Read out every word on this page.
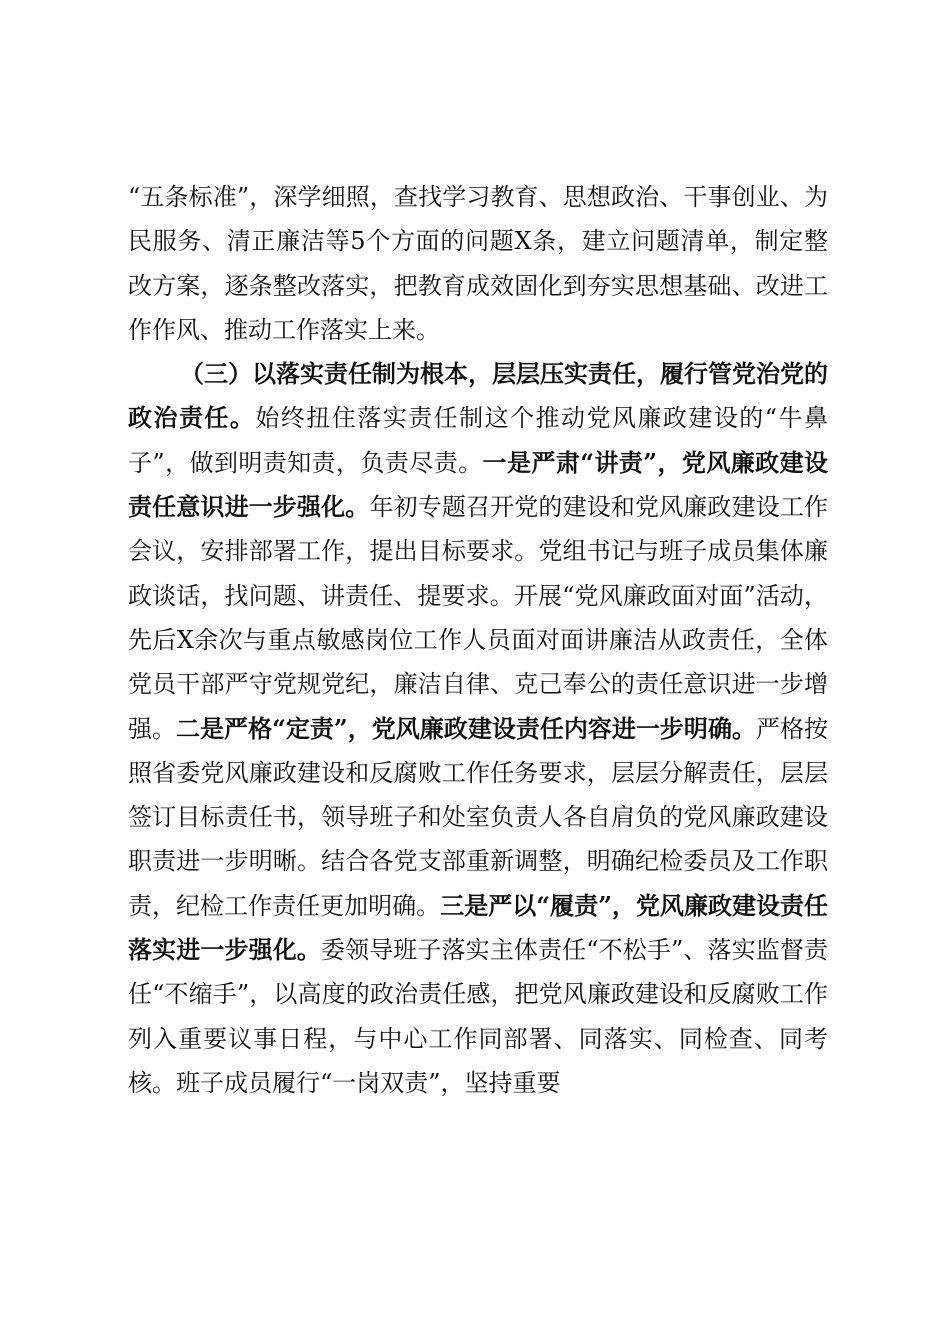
“五条标准”，深学细照，查找学习教育、思想政治、干事创业、为民服务、清正廉洁等5个方面的问题X条，建立问题清单，制定整改方案，逐条整改落实，把教育成效固化到夯实思想基础、改进工作作风、推动工作落实上来。

（三）以落实责任制为根本，层层压实责任，履行管党治党的政治责任。始终扭住落实责任制这个推动党风廉政建设的“牛鼻子”，做到明责知责，负责尽责。一是严肃“讲责”，党风廉政建设责任意识进一步强化。年初专题召开党的建设和党风廉政建设工作会议，安排部署工作，提出目标要求。党组书记与班子成员集体廉政谈话，找问题、讲责任、提要求。开展“党风廉政面对面”活动，先后X余次与重点敏感岗位工作人员面对面讲廉洁从政责任，全体党员干部严守党规党纪，廉洁自律、克己奉公的责任意识进一步增强。二是严格“定责”，党风廉政建设责任内容进一步明确。严格按照省委党风廉政建设和反腐败工作任务要求，层层分解责任，层层签订目标责任书，领导班子和处室负责人各自肩负的党风廉政建设职责进一步明晰。结合各党支部重新调整，明确纪检委员及工作职责，纪检工作责任更加明确。三是严以“履责”，党风廉政建设责任落实进一步强化。委领导班子落实主体责任“不松手”、落实监督责任“不缩手”，以高度的政治责任感，把党风廉政建设和反腐败工作列入重要议事日程，与中心工作同部署、同落实、同检查、同考核。班子成员履行“一岗双责”，坚持重要
